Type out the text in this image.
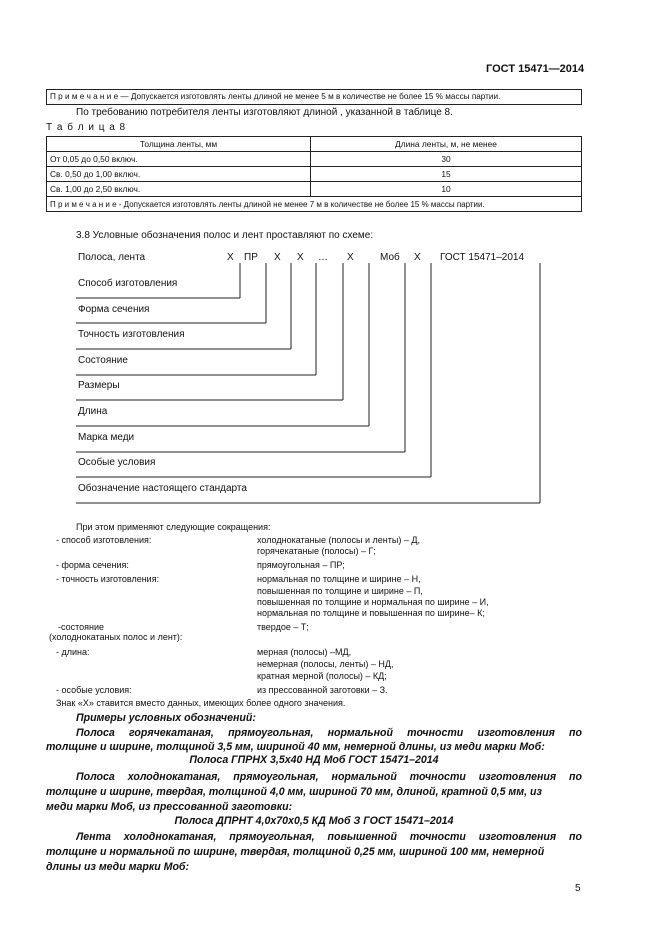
ГОСТ 15471—2014
П р и м е ч а н и е — Допускается изготовлять ленты длиной не менее 5 м в количестве не более 15 % массы партии.
По требованию потребителя ленты изготовляют длиной , указанной в таблице 8.
Т а б л и ц а 8
Толщина ленты, мм	Длина ленты, м, не менее
От 0,05 до 0,50 включ.	30
Св. 0,50 до 1,00 включ.	15
Св. 1,00 до 2,50 включ.	10
П р и м е ч а н и е - Допускается изготовлять ленты длиной не менее 7 м в количестве не более 15 % массы партии.	
3.8 Условные обозначения полос и лент проставляют по схеме:
Полоса, лента	Х ПР Х Х … Х	Моб Х ГОСТ 15471–2014
Способ изготовления
Форма сечения
Точность изготовления
Состояние
Размеры
Длина
Марка меди
Особые условия
Обозначение настоящего стандарта
При этом применяют следующие сокращения:
- способ изготовления:	холоднокатаные (полосы и ленты) – Д,
горячекатаные (полосы) – Г;
- форма сечения:	прямоугольная – ПР;
- точность изготовления:	нормальная по толщине и ширине – Н,
повышенная по толщине и ширине – П,
повышенная по толщине и нормальная по ширине – И,
нормальная по толщине и повышенная по ширине– К;
-состояние
(холоднокатаных полос и лент):
твердое – Т;
- длина:	мерная (полосы) –МД,
немерная (полосы, ленты) – НД,
кратная мерной (полосы) – КД;
- особые условия:	из прессованной заготовки – З.
Знак «Х» ставится вместо данных, имеющих более одного значения.
Примеры условных обозначений:
Полоса горячекатаная, прямоугольная, нормальной точности изготовления по
толщине и ширине, толщиной 3,5 мм, шириной 40 мм, немерной длины, из меди марки Моб:
Полоса ГПРНХ 3,5х40 НД Моб ГОСТ 15471–2014
Полоса холоднокатаная, прямоугольная, нормальной точности изготовления по
толщине и ширине, твердая, толщиной 4,0 мм, шириной 70 мм, длиной, кратной 0,5 мм, из
меди марки Моб, из прессованной заготовки:
Полоса ДПРНТ 4,0х70х0,5 КД Моб З ГОСТ 15471–2014
Лента холоднокатаная, прямоугольная, повышенной точности изготовления по
толщине и нормальной по ширине, твердая, толщиной 0,25 мм, шириной 100 мм, немерной
длины из меди марки Моб:
5
